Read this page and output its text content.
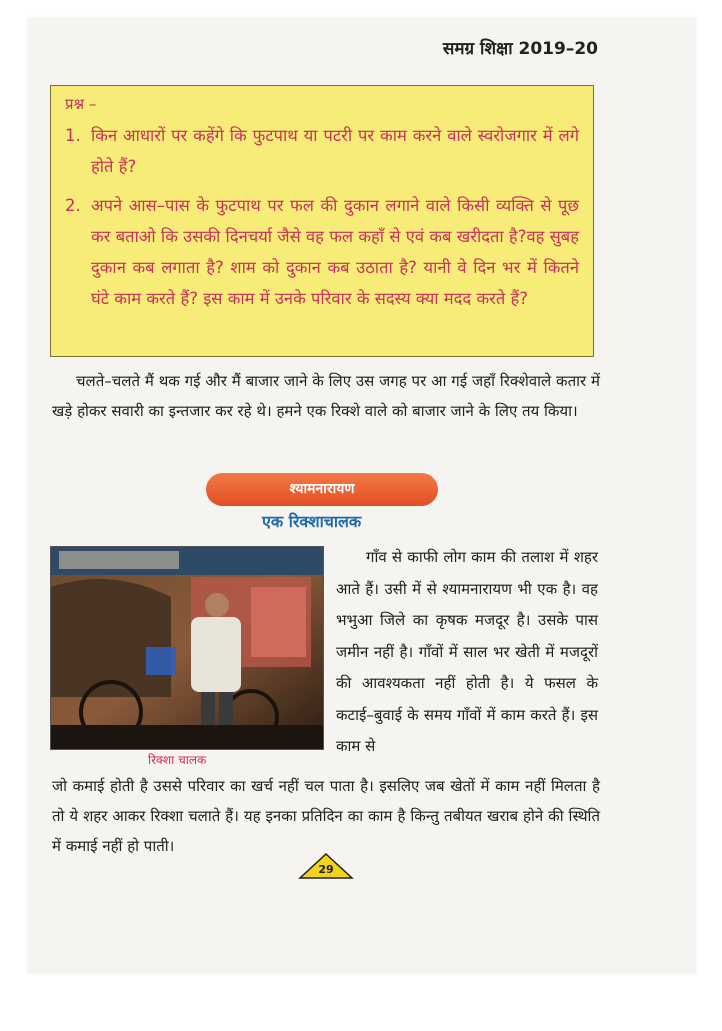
समग्र शिक्षा 2019–20
प्रश्न –
1. किन आधारों पर कहेंगे कि फुटपाथ या पटरी पर काम करने वाले स्वरोजगार में लगे होते हैं?
2. अपने आस–पास के फुटपाथ पर फल की दुकान लगाने वाले किसी व्यक्ति से पूछ कर बताओ कि उसकी दिनचर्या जैसे वह फल कहाँ से एवं कब खरीदता है?वह सुबह दुकान कब लगाता है? शाम को दुकान कब उठाता है? यानी वे दिन भर में कितने घंटे काम करते हैं? इस काम में उनके परिवार के सदस्य क्या मदद करते हैं?
चलते–चलते मैं थक गई और मैं बाजार जाने के लिए उस जगह पर आ गई जहाँ रिक्शेवाले कतार में खड़े होकर सवारी का इन्तजार कर रहे थे। हमने एक रिक्शे वाले को बाजार जाने के लिए तय किया।
श्यामनारायण
एक रिक्शाचालक
रिक्शा चालक
गाँव से काफी लोग काम की तलाश में शहर आते हैं। उसी में से श्यामनारायण भी एक है। वह भभुआ जिले का कृषक मजदूर है। उसके पास जमीन नहीं है। गाँवों में साल भर खेती में मजदूरों की आवश्यकता नहीं होती है। ये फसल के कटाई–बुवाई के समय गाँवों में काम करते हैं। इस काम से
जो कमाई होती है उससे परिवार का खर्च नहीं चल पाता है। इसलिए जब खेतों में काम नहीं मिलता है तो ये शहर आकर रिक्शा चलाते हैं। यह इनका प्रतिदिन का काम है किन्तु तबीयत खराब होने की स्थिति में कमाई नहीं हो पाती।
29
